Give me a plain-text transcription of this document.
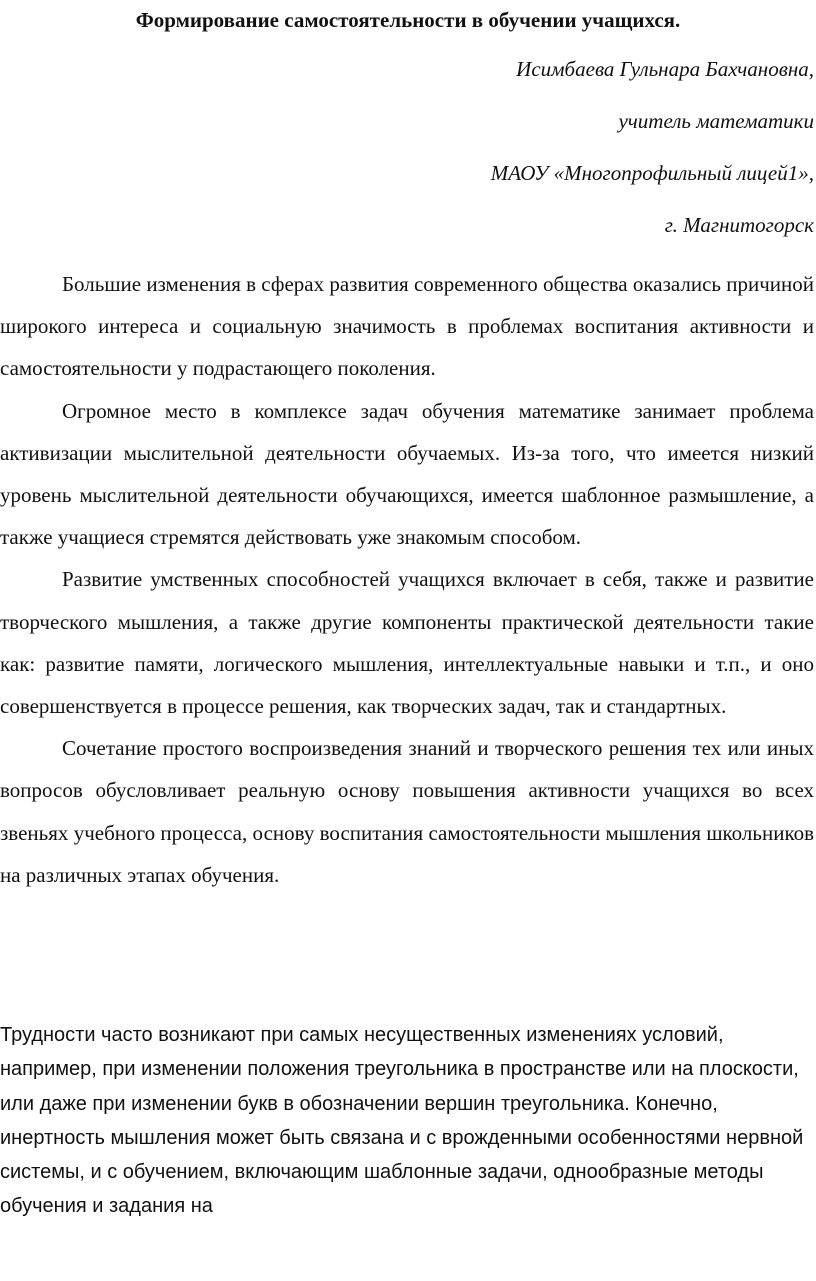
Формирование самостоятельности в обучении учащихся.
Исимбаева Гульнара Бахчановна,
учитель математики
МАОУ «Многопрофильный лицей1»,
г. Магнитогорск

Большие изменения в сферах развития современного общества оказались причиной широкого интереса и социальную значимость в проблемах воспитания активности и самостоятельности у подрастающего поколения.

Огромное место в комплексе задач обучения математике занимает проблема активизации мыслительной деятельности обучаемых. Из-за того, что имеется низкий уровень мыслительной деятельности обучающихся, имеется шаблонное размышление, а также учащиеся стремятся действовать уже знакомым способом.

Развитие умственных способностей учащихся включает в себя, также и развитие творческого мышления, а также другие компоненты практической деятельности такие как: развитие памяти, логического мышления, интеллектуальные навыки и т.п., и оно совершенствуется в процессе решения, как творческих задач, так и стандартных.

Сочетание простого воспроизведения знаний и творческого решения тех или иных вопросов обусловливает реальную основу повышения активности учащихся во всех звеньях учебного процесса, основу воспитания самостоятельности мышления школьников на различных этапах обучения.

Трудности часто возникают при самых несущественных изменениях условий, например, при изменении положения треугольника в пространстве или на плоскости, или даже при изменении букв в обозначении вершин треугольника. Конечно, инертность мышления может быть связана и с врожденными особенностями нервной системы, и с обучением, включающим шаблонные задачи, однообразные методы обучения и задания на
